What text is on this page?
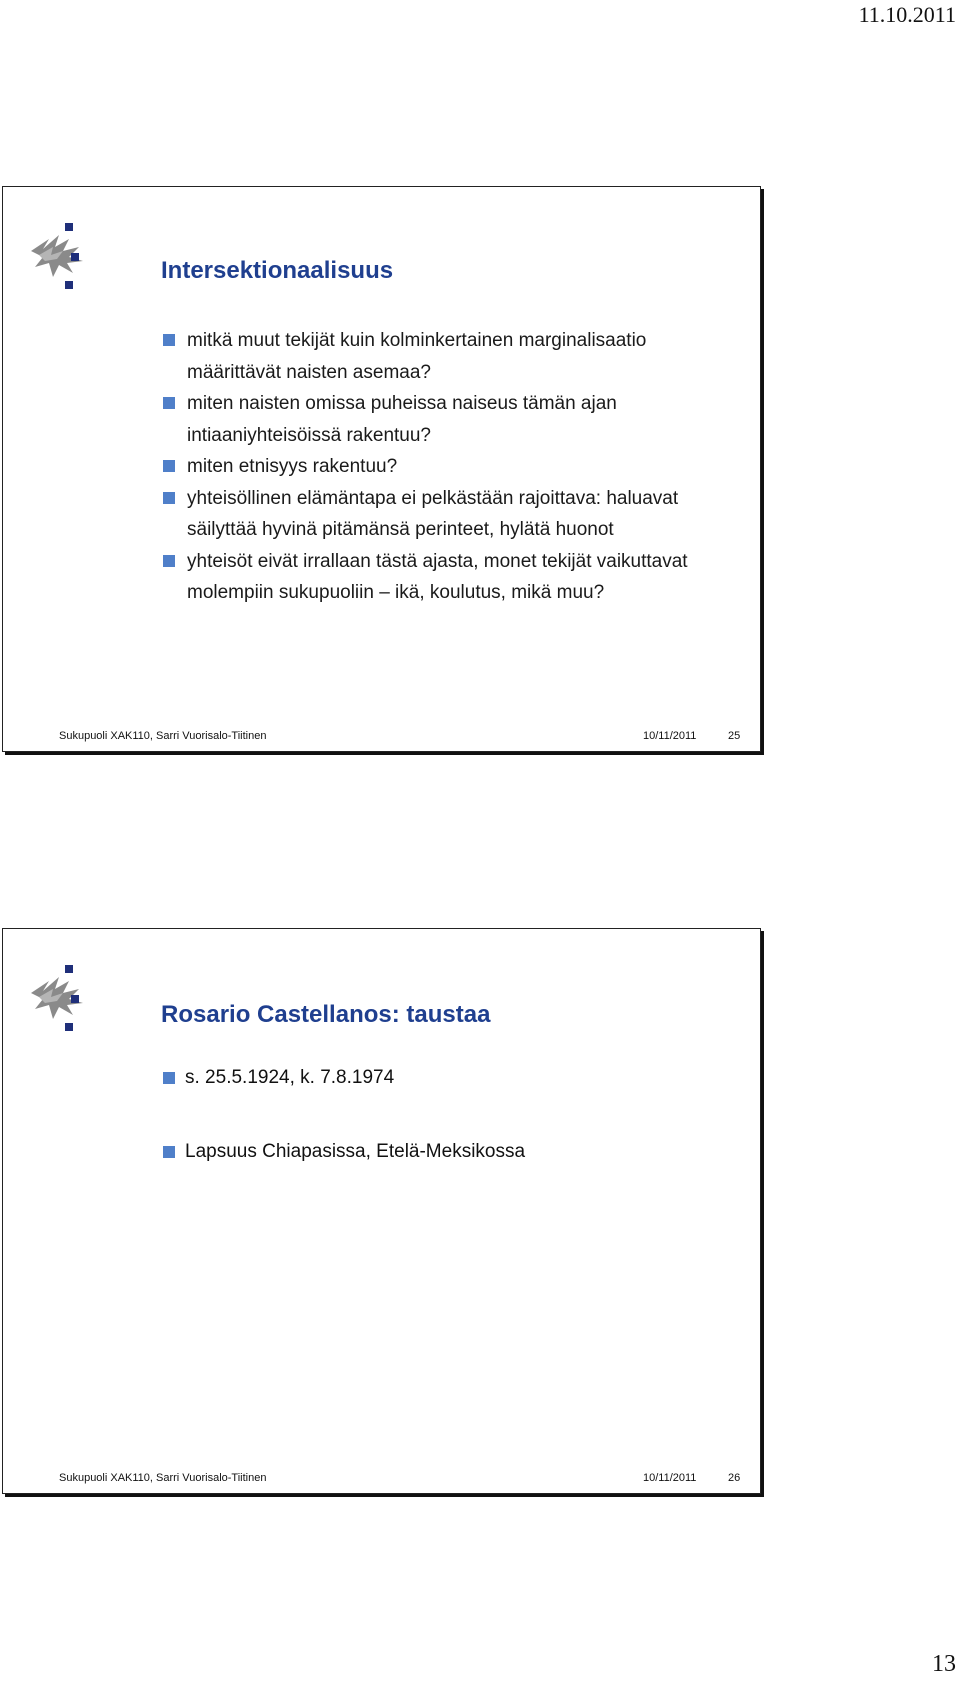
11.10.2011
Intersektionaalisuus
mitkä muut tekijät kuin kolminkertainen marginalisaatio määrittävät naisten asemaa?
miten naisten omissa puheissa naiseus tämän ajan intiaaniyhteisöissä rakentuu?
miten etnisyys rakentuu?
yhteisöllinen elämäntapa ei pelkästään rajoittava: haluavat säilyttää hyvinä pitämänsä perinteet, hylätä huonot
yhteisöt eivät irrallaan tästä ajasta, monet tekijät vaikuttavat molempiin sukupuoliin – ikä, koulutus, mikä muu?
Sukupuoli XAK110, Sarri Vuorisalo-Tiitinen	10/11/2011	25
Rosario Castellanos: taustaa
s. 25.5.1924, k. 7.8.1974
Lapsuus Chiapasissa, Etelä-Meksikossa
Sukupuoli XAK110, Sarri Vuorisalo-Tiitinen	10/11/2011	26
13
